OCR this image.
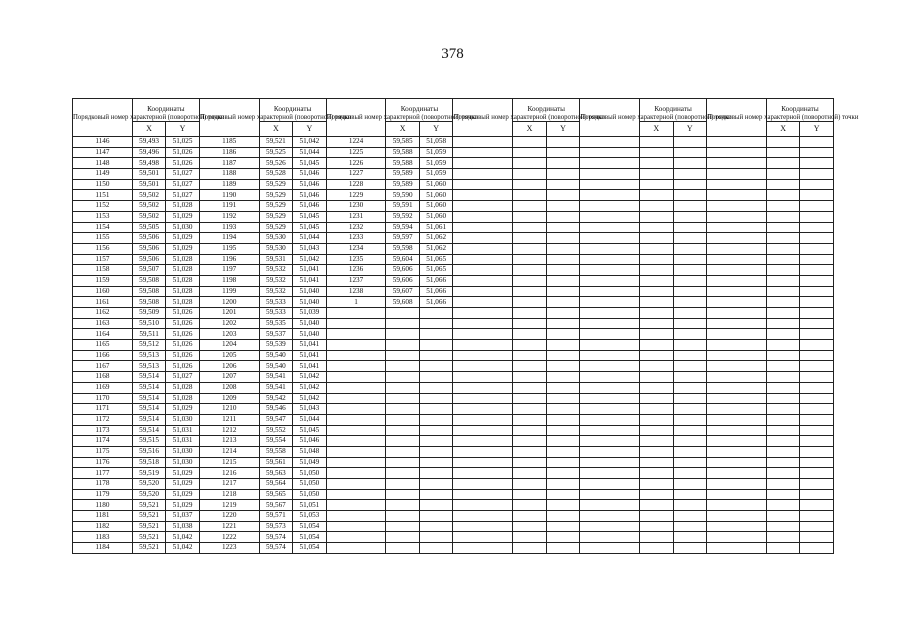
378
Порядковый номер характерной (поворотной) точки	Координаты		Порядковый номер характерной (поворотной) точки	Координаты		Порядковый номер характерной (поворотной) точки	Координаты		Порядковый номер характерной (поворотной) точки	Координаты		Порядковый номер характерной (поворотной) точки	Координаты		Порядковый номер характерной (поворотной) точки	Координаты	
	X	Y		X	Y		X	Y		X	Y		X	Y		X	Y
1146	59,493	51,025	1185	59,521	51,042	1224	59,585	51,058									
1147	59,496	51,026	1186	59,525	51,044	1225	59,588	51,059									
1148	59,498	51,026	1187	59,526	51,045	1226	59,588	51,059									
1149	59,501	51,027	1188	59,528	51,046	1227	59,589	51,059									
1150	59,501	51,027	1189	59,529	51,046	1228	59,589	51,060									
1151	59,502	51,027	1190	59,529	51,046	1229	59,590	51,060									
1152	59,502	51,028	1191	59,529	51,046	1230	59,591	51,060									
1153	59,502	51,029	1192	59,529	51,045	1231	59,592	51,060									
1154	59,505	51,030	1193	59,529	51,045	1232	59,594	51,061									
1155	59,506	51,029	1194	59,530	51,044	1233	59,597	51,062									
1156	59,506	51,029	1195	59,530	51,043	1234	59,598	51,062									
1157	59,506	51,028	1196	59,531	51,042	1235	59,604	51,065									
1158	59,507	51,028	1197	59,532	51,041	1236	59,606	51,065									
1159	59,508	51,028	1198	59,532	51,041	1237	59,606	51,066									
1160	59,508	51,028	1199	59,532	51,040	1238	59,607	51,066									
1161	59,508	51,028	1200	59,533	51,040	1	59,608	51,066									
1162	59,509	51,026	1201	59,533	51,039												
1163	59,510	51,026	1202	59,535	51,040												
1164	59,511	51,026	1203	59,537	51,040												
1165	59,512	51,026	1204	59,539	51,041												
1166	59,513	51,026	1205	59,540	51,041												
1167	59,513	51,026	1206	59,540	51,041												
1168	59,514	51,027	1207	59,541	51,042												
1169	59,514	51,028	1208	59,541	51,042												
1170	59,514	51,028	1209	59,542	51,042												
1171	59,514	51,029	1210	59,546	51,043												
1172	59,514	51,030	1211	59,547	51,044												
1173	59,514	51,031	1212	59,552	51,045												
1174	59,515	51,031	1213	59,554	51,046												
1175	59,516	51,030	1214	59,558	51,048												
1176	59,518	51,030	1215	59,561	51,049												
1177	59,519	51,029	1216	59,563	51,050												
1178	59,520	51,029	1217	59,564	51,050												
1179	59,520	51,029	1218	59,565	51,050												
1180	59,521	51,029	1219	59,567	51,051												
1181	59,521	51,037	1220	59,571	51,053												
1182	59,521	51,038	1221	59,573	51,054												
1183	59,521	51,042	1222	59,574	51,054												
1184	59,521	51,042	1223	59,574	51,054												
